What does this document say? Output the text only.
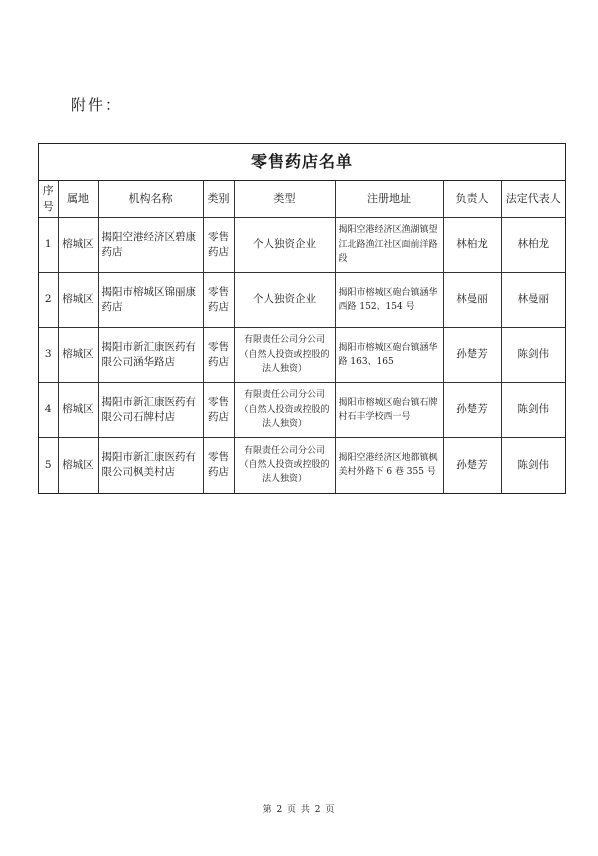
附件：
零售药店名单
序号	属地	机构名称	类别	类型	注册地址	负责人	法定代表人
1	榕城区	揭阳空港经济区碧康药店	零售药店	个人独资企业	揭阳空港经济区渔湖镇望江北路渔江社区面前洋路段	林柏龙	林柏龙
2	榕城区	揭阳市榕城区锦丽康药店	零售药店	个人独资企业	揭阳市榕城区砲台镇涵华西路 152、154 号	林曼丽	林曼丽
3	榕城区	揭阳市新汇康医药有限公司涵华路店	零售药店	有限责任公司分公司（自然人投资或控股的法人独资）	揭阳市榕城区砲台镇涵华路 163、165	孙楚芳	陈剑伟
4	榕城区	揭阳市新汇康医药有限公司石牌村店	零售药店	有限责任公司分公司（自然人投资或控股的法人独资）	揭阳市榕城区砲台镇石牌村石丰学校西一号	孙楚芳	陈剑伟
5	榕城区	揭阳市新汇康医药有限公司枫美村店	零售药店	有限责任公司分公司（自然人投资或控股的法人独资）	揭阳空港经济区地都镇枫美村外路下 6 巷 355 号	孙楚芳	陈剑伟
第 2 页 共 2 页
